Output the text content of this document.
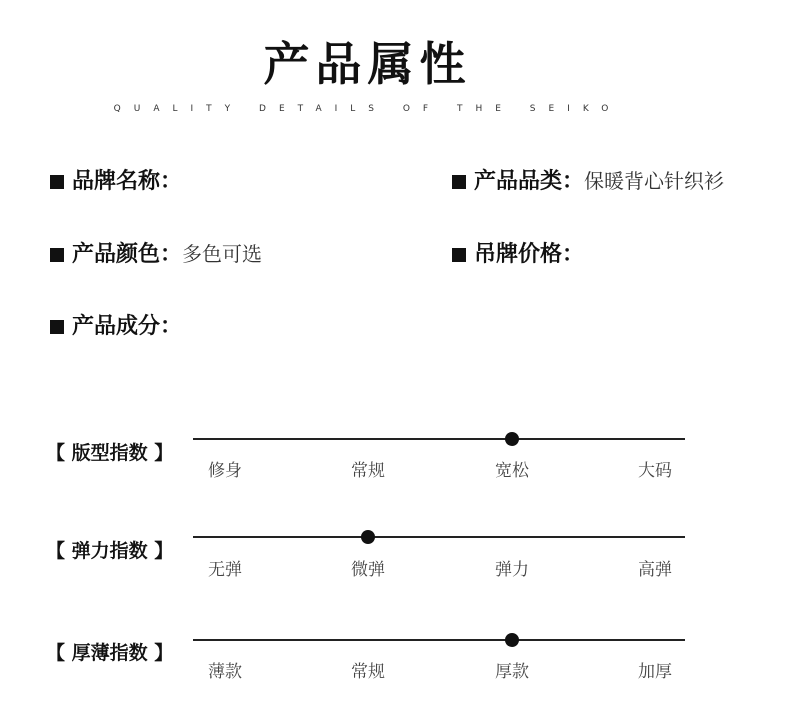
产品属性
QUALITY DETAILS OF THE SEIKO
品牌名称：	产品品类：保暖背心针织衫
产品颜色：多色可选	吊牌价格：
产品成分：
【 版型指数 】
修身	常规	宽松	大码
【 弹力指数 】
无弹	微弹	弹力	高弹
【 厚薄指数 】
薄款	常规	厚款	加厚
